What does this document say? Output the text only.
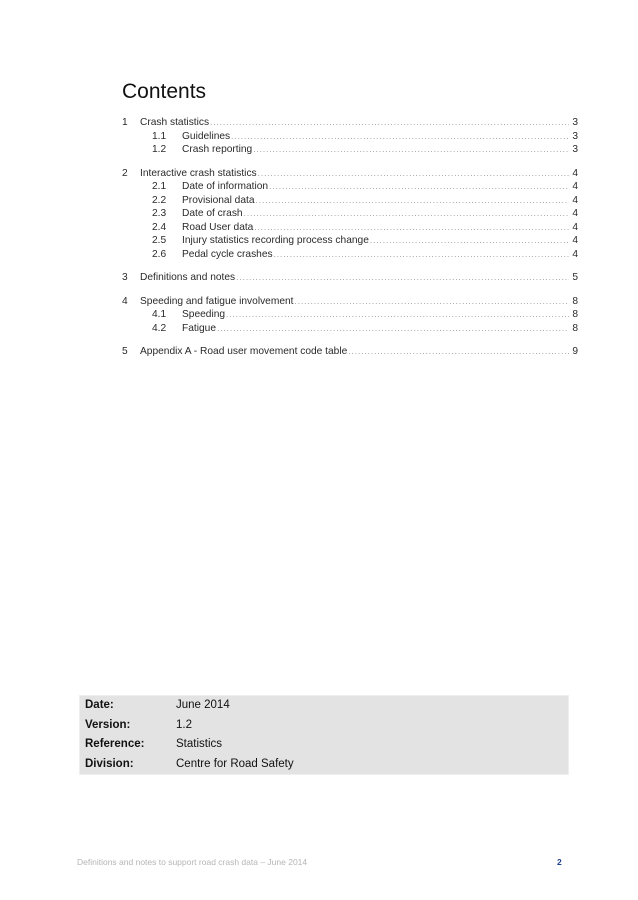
Contents
1	Crash statistics .....	3
1.1	Guidelines .....	3
1.2	Crash reporting .....	3
2	Interactive crash statistics .....	4
2.1	Date of information .....	4
2.2	Provisional data .....	4
2.3	Date of crash .....	4
2.4	Road User data .....	4
2.5	Injury statistics recording process change .....	4
2.6	Pedal cycle crashes .....	4
3	Definitions and notes .....	5
4	Speeding and fatigue involvement .....	8
4.1	Speeding .....	8
4.2	Fatigue .....	8
5	Appendix A - Road user movement code table .....	9
Date:	June 2014
Version:	1.2
Reference:	Statistics
Division:	Centre for Road Safety
Definitions and notes to support road crash data – June 2014	2
